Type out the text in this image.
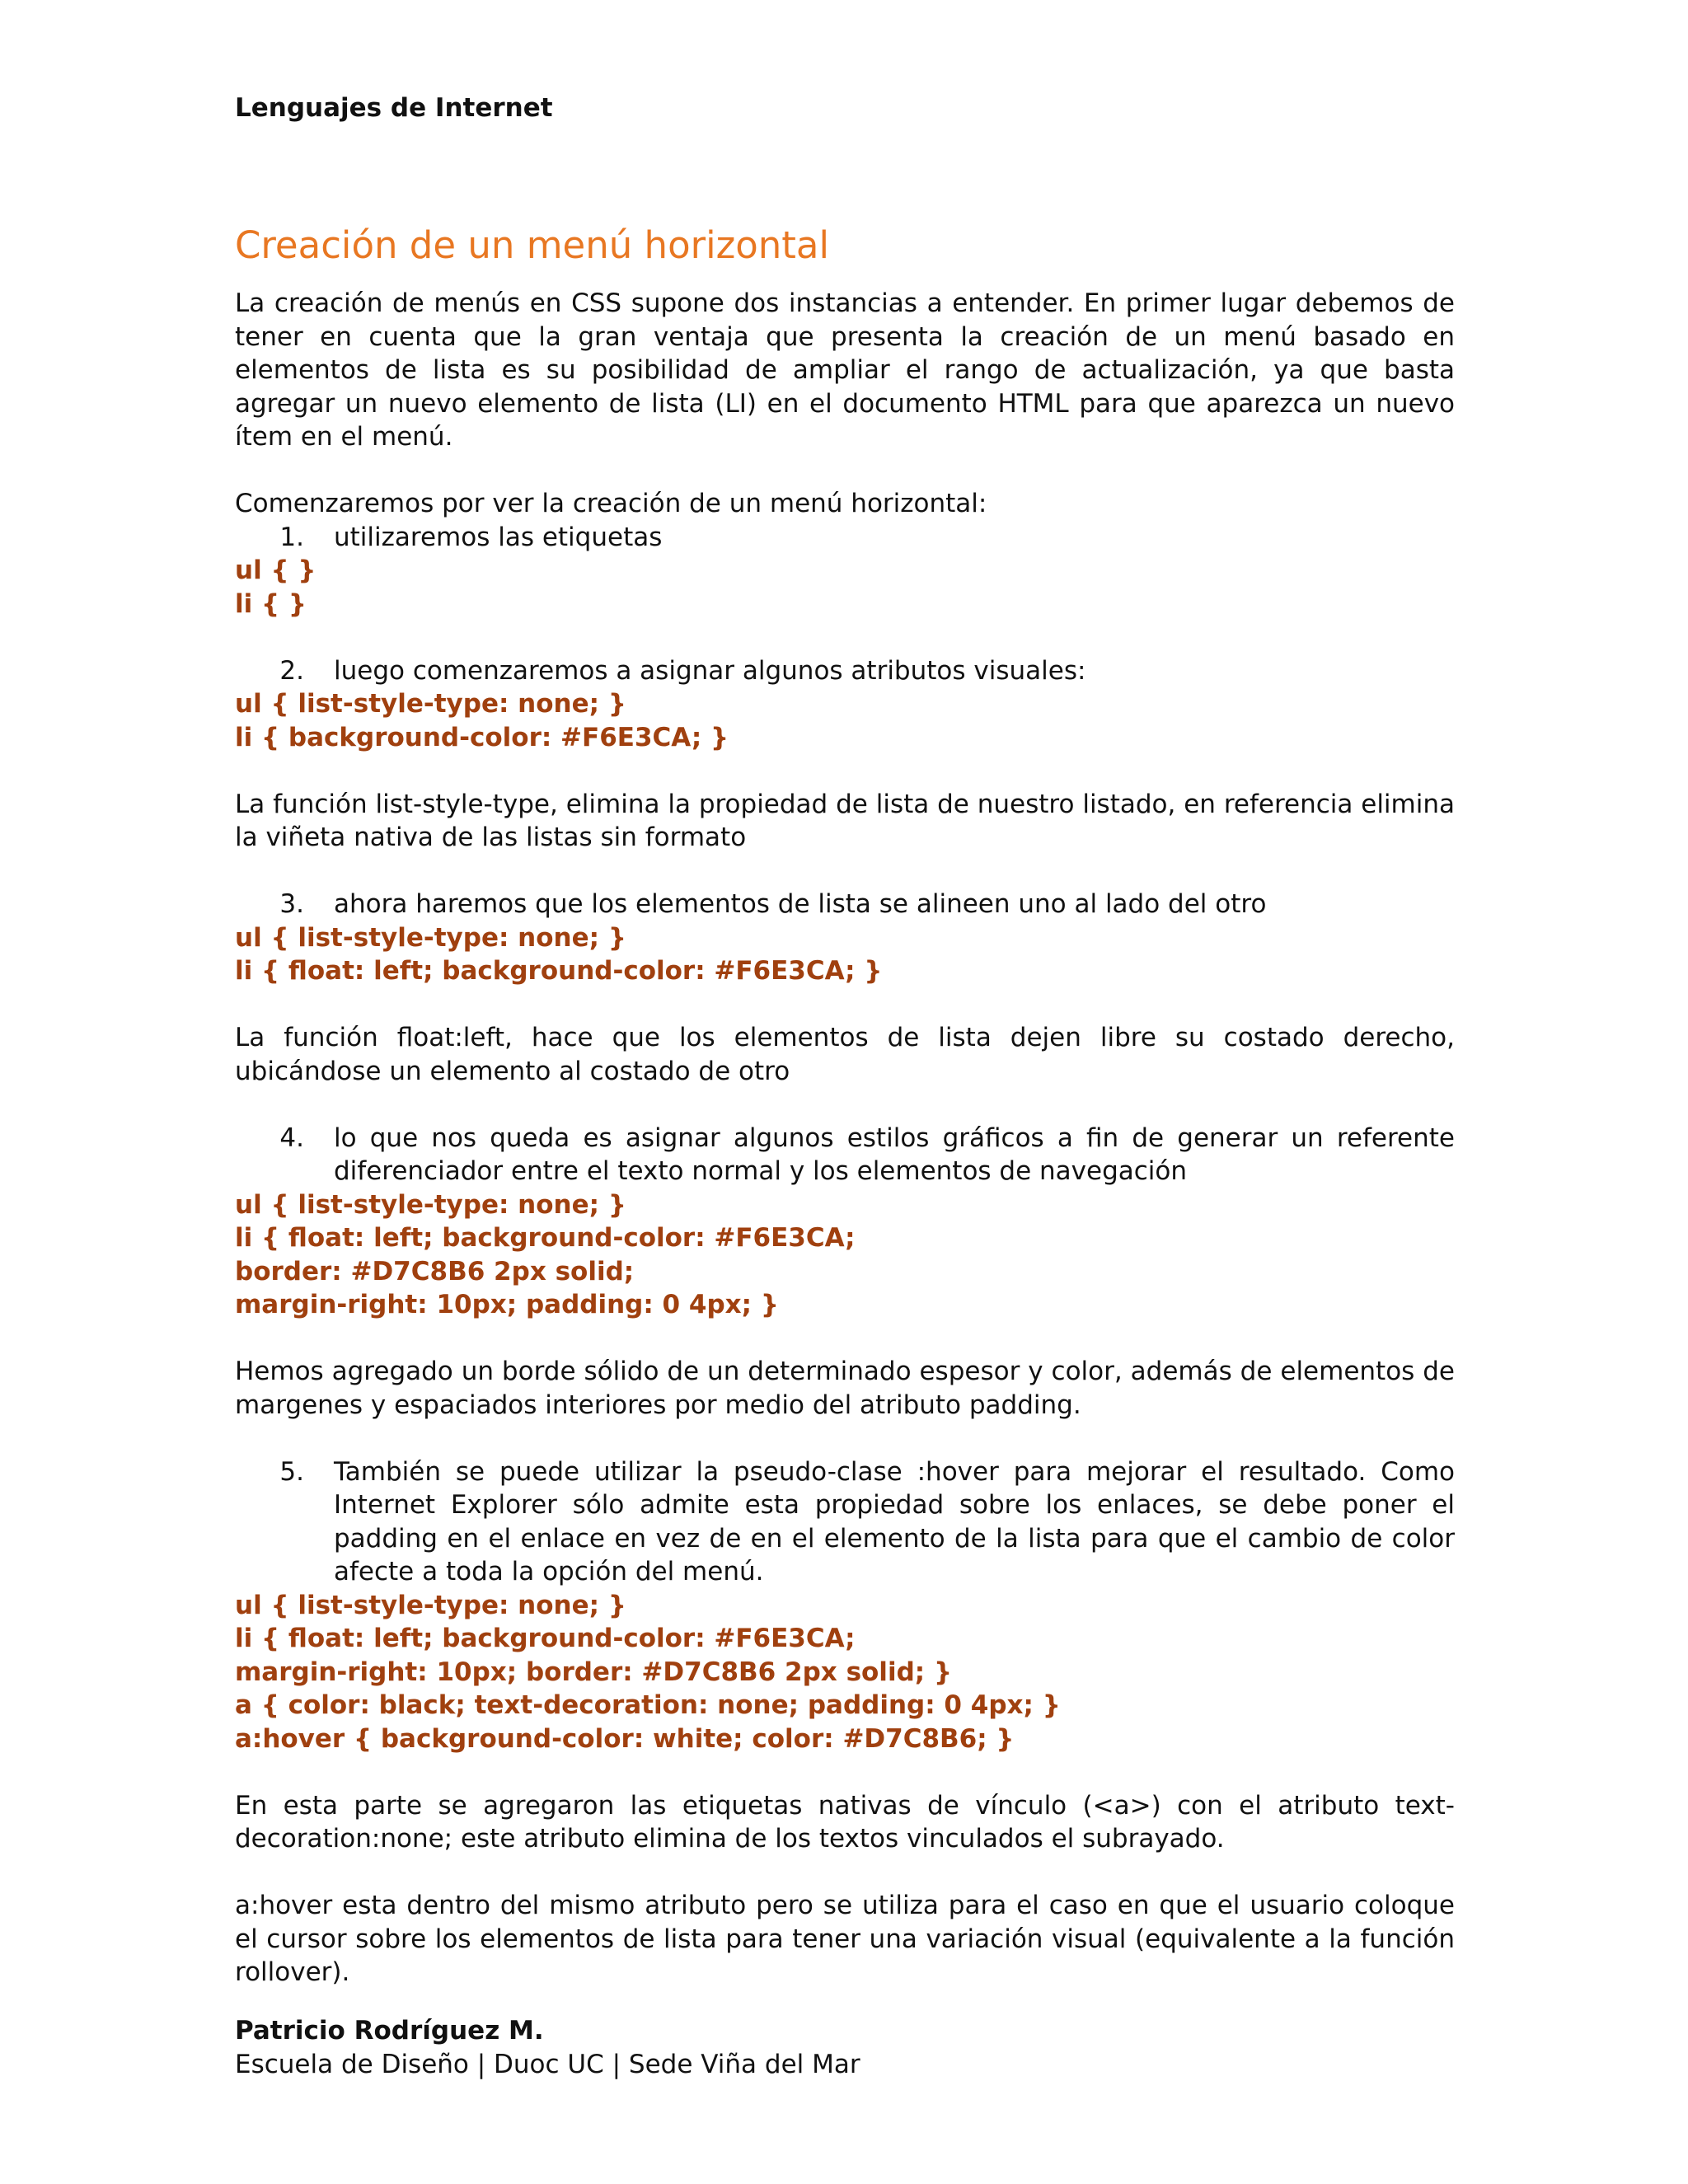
Lenguajes de Internet

Creación de un menú horizontal

La creación de menús en CSS supone dos instancias a entender. En primer lugar debemos de tener en cuenta que la gran ventaja que presenta la creación de un menú basado en elementos de lista es su posibilidad de ampliar el rango de actualización, ya que basta agregar un nuevo elemento de lista (LI) en el documento HTML para que aparezca un nuevo ítem en el menú.

Comenzaremos por ver la creación de un menú horizontal:

1.	utilizaremos las etiquetas

ul { }

li { }

2.	luego comenzaremos a asignar algunos atributos visuales:

ul { list-style-type: none; }

li { background-color: #F6E3CA; }

La función list-style-type, elimina la propiedad de lista de nuestro listado, en referencia elimina la viñeta nativa de las listas sin formato

3.	ahora haremos que los elementos de lista se alineen uno al lado del otro

ul { list-style-type: none; }

li { float: left; background-color: #F6E3CA; }

La función float:left, hace que los elementos de lista dejen libre su costado derecho, ubicándose un elemento al costado de otro

4.	lo que nos queda es asignar algunos estilos gráficos a fin de generar un referente diferenciador entre el texto normal y los elementos de navegación

ul { list-style-type: none; }

li { float: left; background-color: #F6E3CA;

border: #D7C8B6 2px solid;

margin-right: 10px; padding: 0 4px; }

Hemos agregado un borde sólido de un determinado espesor y color, además de elementos de margenes y espaciados interiores por medio del atributo padding.

5.	También se puede utilizar la pseudo-clase :hover para mejorar el resultado. Como Internet Explorer sólo admite esta propiedad sobre los enlaces, se debe poner el padding en el enlace en vez de en el elemento de la lista para que el cambio de color afecte a toda la opción del menú.

ul { list-style-type: none; }

li { float: left; background-color: #F6E3CA;

margin-right: 10px; border: #D7C8B6 2px solid; }

a { color: black; text-decoration: none; padding: 0 4px; }

a:hover { background-color: white; color: #D7C8B6; }

En esta parte se agregaron las etiquetas nativas de vínculo (<a>) con el atributo text-decoration:none; este atributo elimina de los textos vinculados el subrayado.

a:hover esta dentro del mismo atributo pero se utiliza para el caso en que el usuario coloque el cursor sobre los elementos de lista para tener una variación visual (equivalente a la función rollover).

Patricio Rodríguez M.
Escuela de Diseño | Duoc UC | Sede Viña del Mar
